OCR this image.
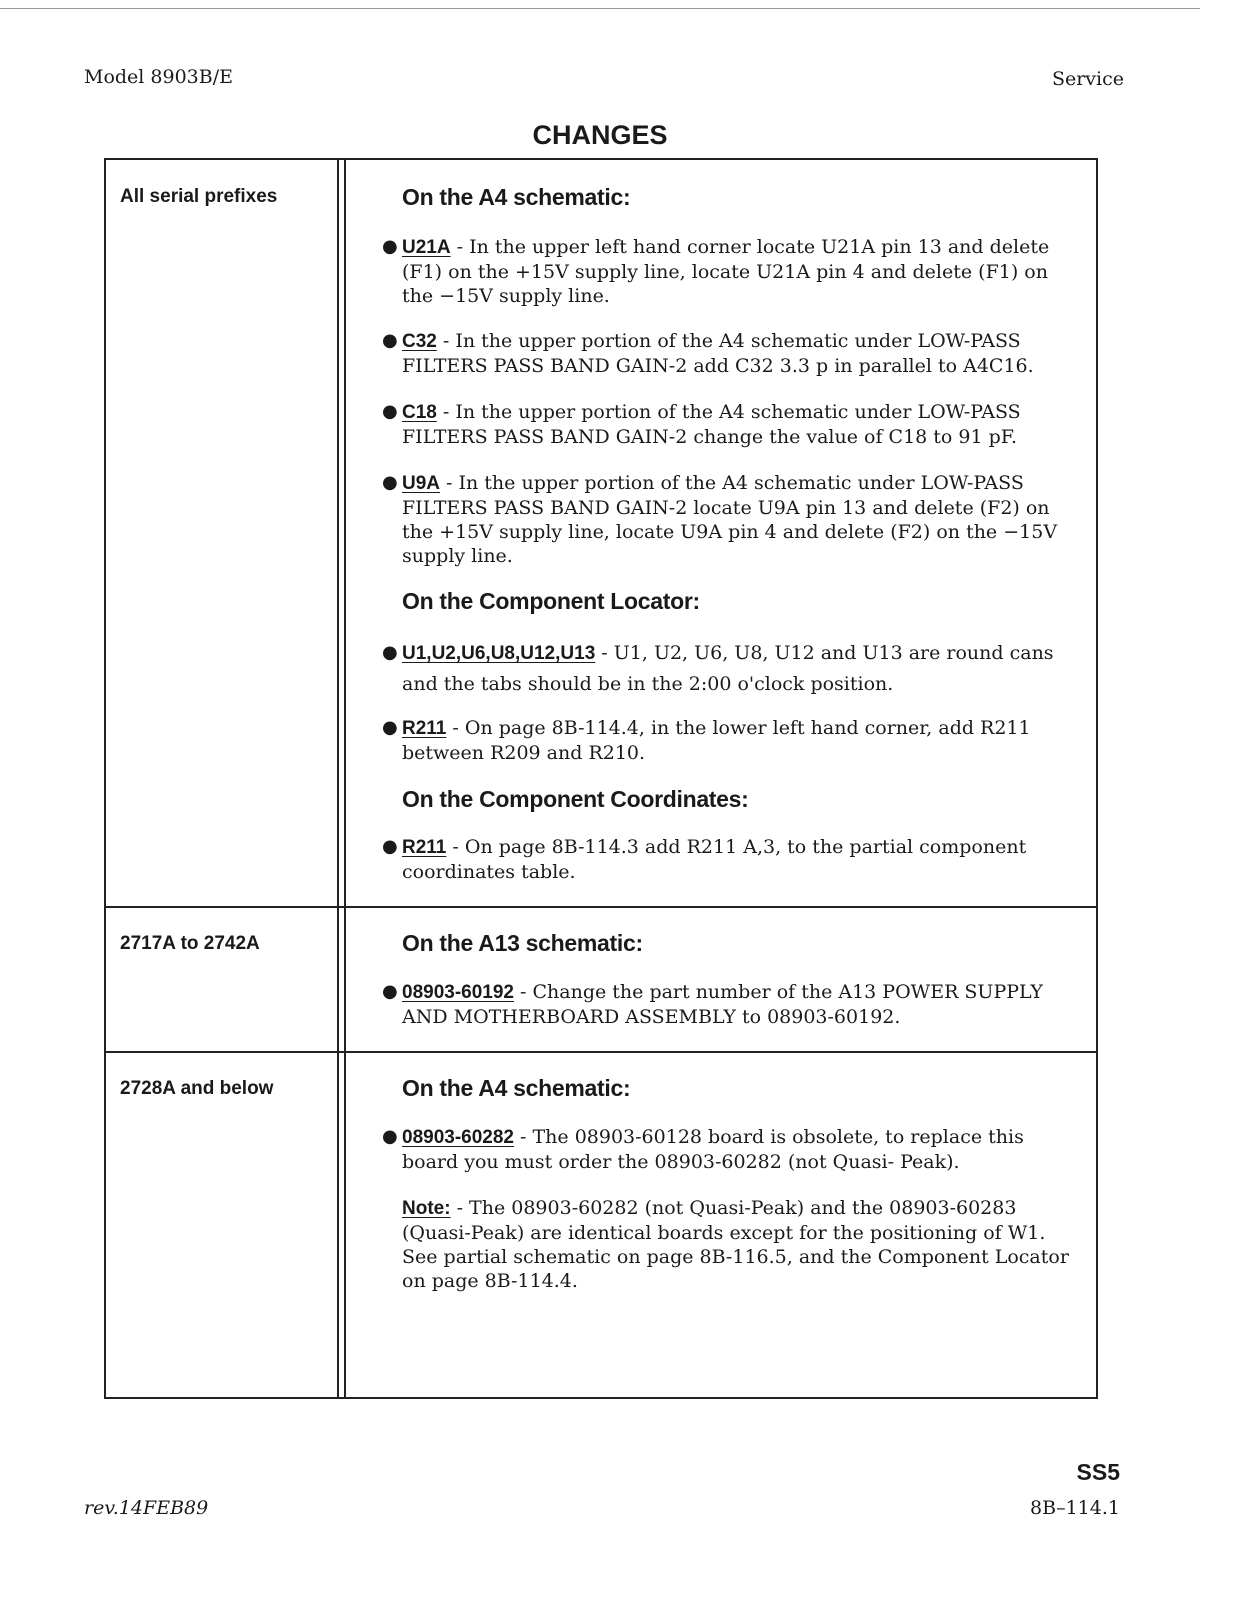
Model 8903B/E	Service
CHANGES
All serial prefixes	On the A4 schematic:
● U21A - In the upper left hand corner locate U21A pin 13 and delete (F1) on the +15V supply line, locate U21A pin 4 and delete (F1) on the −15V supply line.
● C32 - In the upper portion of the A4 schematic under LOW-PASS FILTERS PASS BAND GAIN-2 add C32 3.3 p in parallel to A4C16.
● C18 - In the upper portion of the A4 schematic under LOW-PASS FILTERS PASS BAND GAIN-2 change the value of C18 to 91 pF.
● U9A - In the upper portion of the A4 schematic under LOW-PASS FILTERS PASS BAND GAIN-2 locate U9A pin 13 and delete (F2) on the +15V supply line, locate U9A pin 4 and delete (F2) on the −15V supply line.
On the Component Locator:
● U1,U2,U6,U8,U12,U13 - U1, U2, U6, U8, U12 and U13 are round cans and the tabs should be in the 2:00 o'clock position.
● R211 - On page 8B-114.4, in the lower left hand corner, add R211 between R209 and R210.
On the Component Coordinates:
● R211 - On page 8B-114.3 add R211 A,3, to the partial component coordinates table.
2717A to 2742A	On the A13 schematic:
● 08903-60192 - Change the part number of the A13 POWER SUPPLY AND MOTHERBOARD ASSEMBLY to 08903-60192.
2728A and below	On the A4 schematic:
● 08903-60282 - The 08903-60128 board is obsolete, to replace this board you must order the 08903-60282 (not Quasi- Peak).
Note: - The 08903-60282 (not Quasi-Peak) and the 08903-60283 (Quasi-Peak) are identical boards except for the positioning of W1. See partial schematic on page 8B-116.5, and the Component Locator on page 8B-114.4.
rev.14FEB89
SS5
8B–114.1
